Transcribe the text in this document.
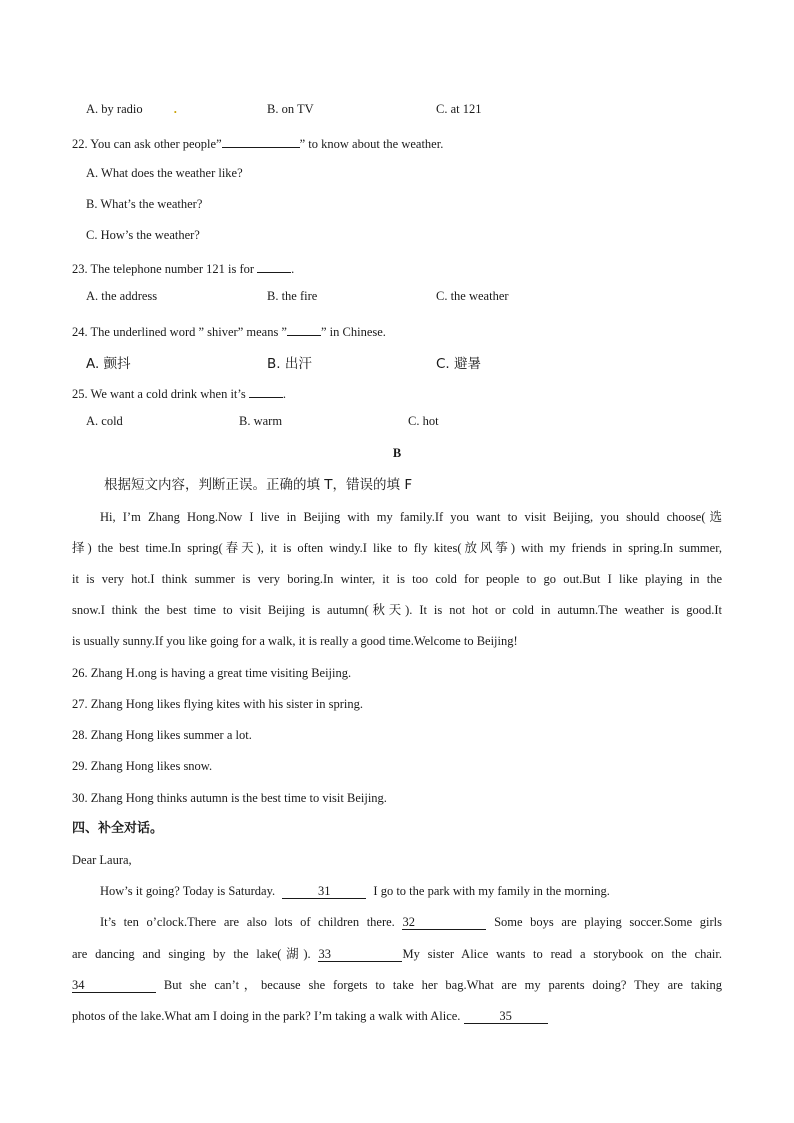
A. by radio .	B. on TV	C. at 121
22. You can ask other people”	” to know about the weather.
A. What does the weather like?
B. What’s the weather?
C. How’s the weather?
23. The telephone number 121 is for	.
A. the address	B. the fire	C. the weather
24. The underlined word ” shiver” means ”	” in Chinese.
A. 颤抖	B. 出汗	C. 避暑
25. We want a cold drink when it’s	.
A. cold	B. warm	C. hot
B
根据短文内容，判断正误。正确的填 T，错误的填 F
Hi, I’m Zhang Hong.Now I live in Beijing with my family.If you want to visit Beijing, you should choose(选
择) the best time.In spring(春天), it is often windy.I like to fly kites(放风筝) with my friends in spring.In summer,
it is very hot.I think summer is very boring.In winter, it is too cold for people to go out.But I like playing in the
snow.I think the best time to visit Beijing is autumn(秋天). It is not hot or cold in autumn.The weather is good.It
is usually sunny.If you like going for a walk, it is really a good time.Welcome to Beijing!
26. Zhang H.ong is having a great time visiting Beijing.
27. Zhang Hong likes flying kites with his sister in spring.
28. Zhang Hong likes summer a lot.
29. Zhang Hong likes snow.
30. Zhang Hong thinks autumn is the best time to visit Beijing.
四、补全对话。
Dear Laura,
How’s it going? Today is Saturday.	31	I go to the park with my family in the morning.
It’s ten o’clock.There are also lots of children there. 32	Some boys are playing soccer.Some girls
are dancing and singing by the lake(湖). 33	My sister Alice wants to read a storybook on the chair.
34	But she can’t，because she forgets to take her bag.What are my parents doing? They are taking
photos of the lake.What am I doing in the park? I’m taking a walk with Alice.	35
